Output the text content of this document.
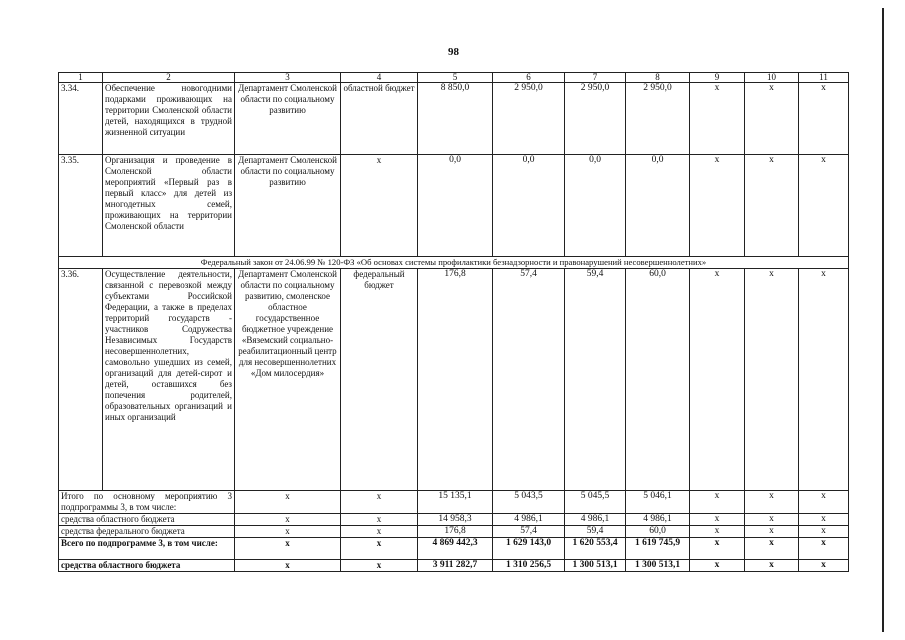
98
1	2	3	4	5	6	7	8	9	10	11
3.34.	Обеспечение новогодними подарками проживающих на территории Смоленской области детей, находящихся в трудной жизненной ситуации	Департамент Смоленской области по социальному развитию	областной бюджет	8 850,0	2 950,0	2 950,0	2 950,0	x	x	x
3.35.	Организация и проведение в Смоленской области мероприятий «Первый раз в первый класс» для детей из многодетных семей, проживающих на территории Смоленской области	Департамент Смоленской области по социальному развитию	x	0,0	0,0	0,0	0,0	x	x	x
Федеральный закон от 24.06.99 № 120-ФЗ «Об основах системы профилактики безнадзорности и правонарушений несовершеннолетних»										
3.36.	Осуществление деятельности, связанной с перевозкой между субъектами Российской Федерации, а также в пределах территорий государств - участников Содружества Независимых Государств несовершеннолетних, самовольно ушедших из семей, организаций для детей-сирот и детей, оставшихся без попечения родителей, образовательных организаций и иных организаций	Департамент Смоленской области по социальному развитию, смоленское областное государственное бюджетное учреждение «Вяземский социально-реабилитационный центр для несовершеннолетних «Дом милосердия»	федеральный бюджет	176,8	57,4	59,4	60,0	x	x	x
Итого по основному мероприятию 3 подпрограммы 3, в том числе:		x	x	15 135,1	5 043,5	5 045,5	5 046,1	x	x	x
средства областного бюджета		x	x	14 958,3	4 986,1	4 986,1	4 986,1	x	x	x
средства федерального бюджета		x	x	176,8	57,4	59,4	60,0	x	x	x
Всего по подпрограмме 3, в том числе:		x	x	4 869 442,3	1 629 143,0	1 620 553,4	1 619 745,9	x	x	x
средства областного бюджета		x	x	3 911 282,7	1 310 256,5	1 300 513,1	1 300 513,1	x	x	x
